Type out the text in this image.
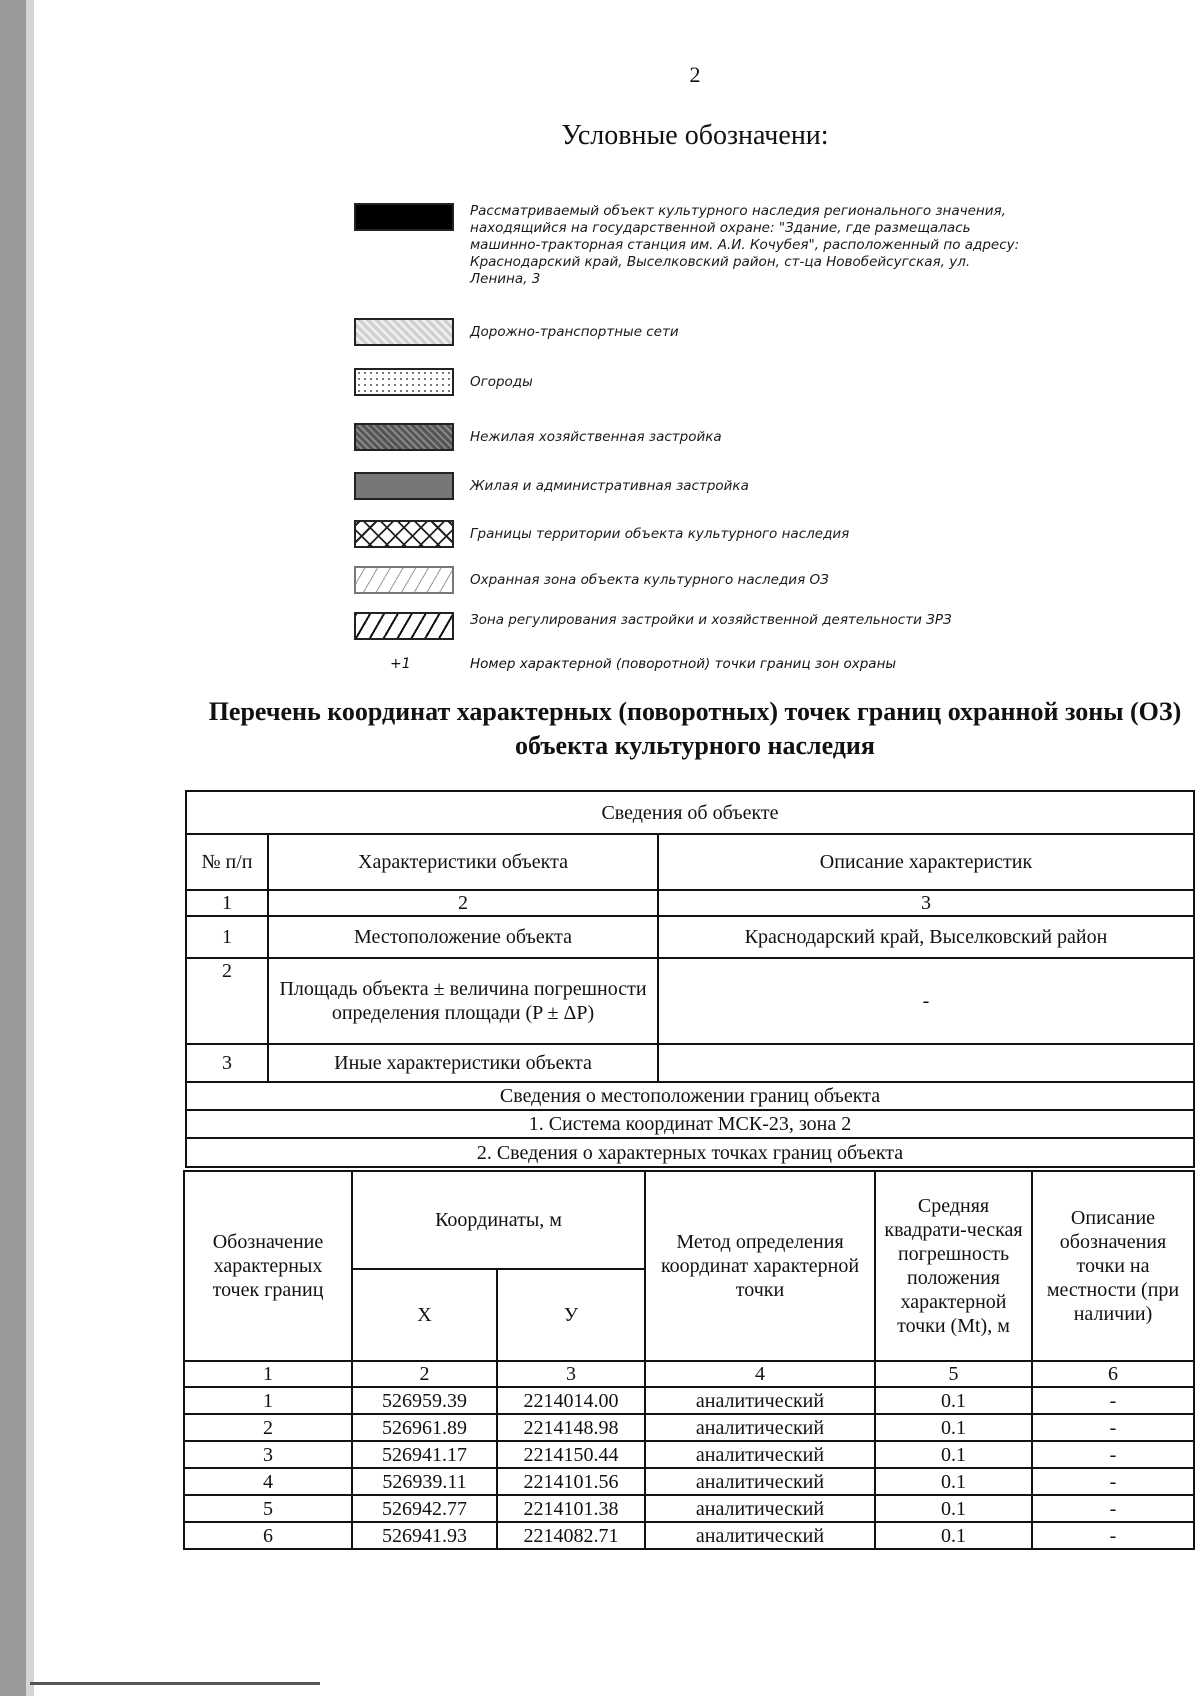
2
Условные обозначени:
Рассматриваемый объект культурного наследия регионального значения, находящийся на государственной охране: "Здание, где размещалась машинно-тракторная станция им. А.И. Кочубея", расположенный по адресу: Краснодарский край, Выселковский район, ст-ца Новобейсугская, ул. Ленина, 3
Дорожно-транспортные сети
Огороды
Нежилая хозяйственная застройка
Жилая и административная застройка
Границы территории объекта культурного наследия
Охранная зона объекта культурного наследия ОЗ
Зона регулирования застройки и хозяйственной деятельности ЗРЗ
+1	Номер характерной (поворотной) точки границ зон охраны
Перечень координат характерных (поворотных) точек границ охранной зоны (ОЗ) объекта культурного наследия
Сведения об объекте		
№ п/п	Характеристики объекта	Описание характеристик
1	2	3
1	Местоположение объекта	Краснодарский край, Выселковский район
2	Площадь объекта ± величина погрешности определения площади (P ± ΔP)	-
3	Иные характеристики объекта	
Сведения о местоположении границ объекта		
1. Система координат МСК-23, зона 2		
2. Сведения о характерных точках границ объекта		
Обозначение характерных точек границ	Координаты, м		Метод определения координат характерной точки	Средняя квадрати-ческая погрешность положения характерной точки (Mt), м	Описание обозначения точки на местности (при наличии)
	X	У			
1	2	3	4	5	6
1	526959.39	2214014.00	аналитический	0.1	-
2	526961.89	2214148.98	аналитический	0.1	-
3	526941.17	2214150.44	аналитический	0.1	-
4	526939.11	2214101.56	аналитический	0.1	-
5	526942.77	2214101.38	аналитический	0.1	-
6	526941.93	2214082.71	аналитический	0.1	-
